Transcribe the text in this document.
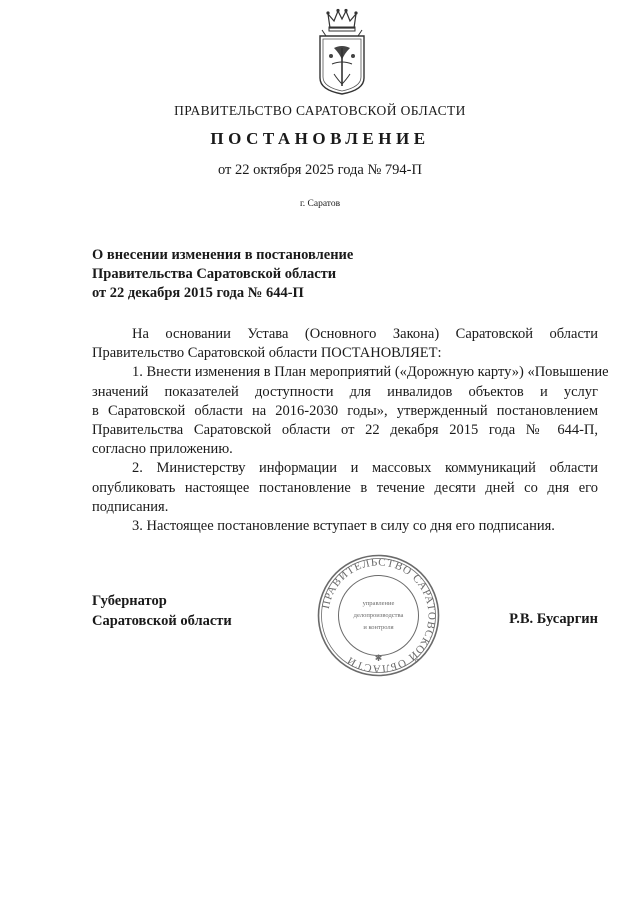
ПРАВИТЕЛЬСТВО САРАТОВСКОЙ ОБЛАСТИ
ПОСТАНОВЛЕНИЕ
от 22 октября 2025 года № 794-П
г. Саратов
О внесении изменения в постановление
Правительства Саратовской области
от 22 декабря 2015 года № 644-П
На основании Устава (Основного Закона) Саратовской области
Правительство Саратовской области ПОСТАНОВЛЯЕТ:
1. Внести изменения в План мероприятий («Дорожную карту») «Повышение
значений показателей доступности для инвалидов объектов и услуг
в Саратовской области на 2016-2030 годы», утвержденный постановлением
Правительства Саратовской области от 22 декабря 2015 года № 644-П,
согласно приложению.
2. Министерству информации и массовых коммуникаций области
опубликовать настоящее постановление в течение десяти дней со дня его
подписания.
3. Настоящее постановление вступает в силу со дня его подписания.
Губернатор
Саратовской области	Р.В. Бусаргин
ПРАВИТЕЛЬСТВО САРАТОВСКОЙ ОБЛАСТИ
управление
делопроизводства
и контроля
✱
